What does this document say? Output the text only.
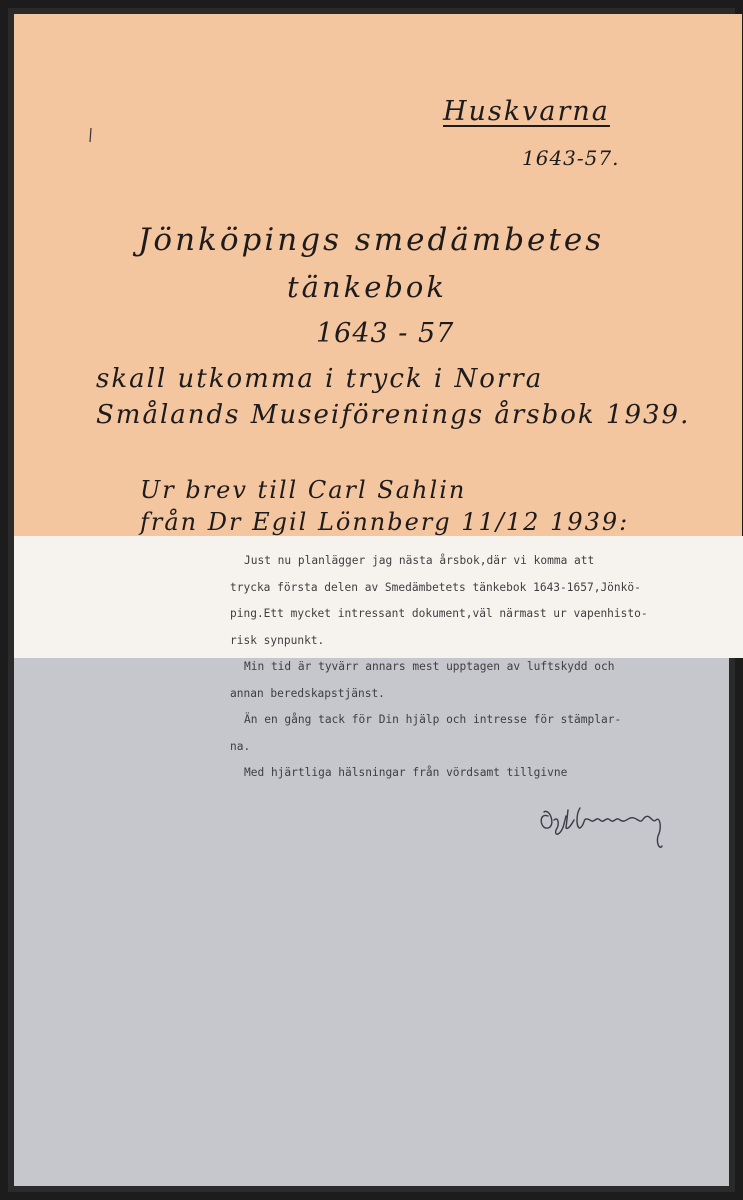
Huskvarna
1643-57.
Jönköpings smedämbetes
tänkebok
1643 - 57
skall utkomma i tryck i Norra
Smålands Museiförenings årsbok 1939.
Ur brev till Carl Sahlin
från Dr Egil Lönnberg 11/12 1939:

Just nu planlägger jag nästa årsbok,där vi komma att

trycka första delen av Smedämbetets tänkebok 1643-1657,Jönkö-

ping.Ett mycket intressant dokument,väl närmast ur vapenhisto-

risk synpunkt.

Min tid är tyvärr annars mest upptagen av luftskydd och

annan beredskapstjänst.

Än en gång tack för Din hjälp och intresse för stämplar-

na.

Med hjärtliga hälsningar från vördsamt tillgivne
